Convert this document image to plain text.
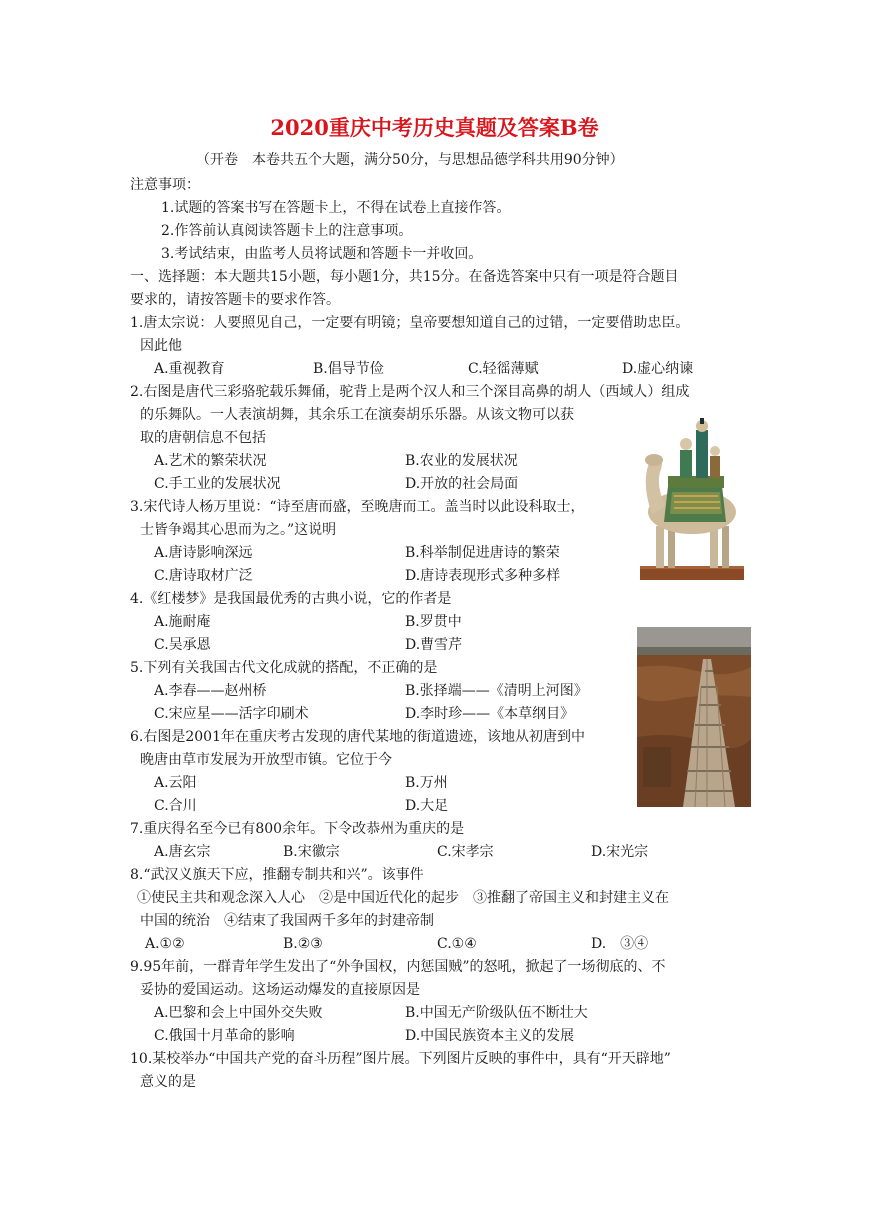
2020重庆中考历史真题及答案B卷
（开卷　本卷共五个大题，满分50分，与思想品德学科共用90分钟）
注意事项：
1.试题的答案书写在答题卡上，不得在试卷上直接作答。
2.作答前认真阅读答题卡上的注意事项。
3.考试结束，由监考人员将试题和答题卡一并收回。
一、选择题：本大题共15小题，每小题1分，共15分。在备选答案中只有一项是符合题目
要求的，请按答题卡的要求作答。
1.唐太宗说：人要照见自己，一定要有明镜；皇帝要想知道自己的过错，一定要借助忠臣。
因此他
A.重视教育	B.倡导节俭	C.轻徭薄赋	D.虚心纳谏
2.右图是唐代三彩骆驼载乐舞俑，驼背上是两个汉人和三个深目高鼻的胡人（西域人）组成
的乐舞队。一人表演胡舞，其余乐工在演奏胡乐乐器。从该文物可以获
取的唐朝信息不包括
A.艺术的繁荣状况	B.农业的发展状况
C.手工业的发展状况	D.开放的社会局面
3.宋代诗人杨万里说：“诗至唐而盛，至晚唐而工。盖当时以此设科取士，
士皆争竭其心思而为之。”这说明
A.唐诗影响深远	B.科举制促进唐诗的繁荣
C.唐诗取材广泛	D.唐诗表现形式多种多样
4.《红楼梦》是我国最优秀的古典小说，它的作者是
A.施耐庵	B.罗贯中
C.吴承恩	D.曹雪芹
5.下列有关我国古代文化成就的搭配，不正确的是
A.李春——赵州桥	B.张择端——《清明上河图》
C.宋应星——活字印刷术	D.李时珍——《本草纲目》
6.右图是2001年在重庆考古发现的唐代某地的街道遗迹，该地从初唐到中
晚唐由草市发展为开放型市镇。它位于今
A.云阳	B.万州
C.合川	D.大足
7.重庆得名至今已有800余年。下令改恭州为重庆的是
A.唐玄宗	B.宋徽宗	C.宋孝宗	D.宋光宗
8.“武汉义旗天下应，推翻专制共和兴”。该事件
①使民主共和观念深入人心　②是中国近代化的起步　③推翻了帝国主义和封建主义在
中国的统治　④结束了我国两千多年的封建帝制
A.①②	B.②③	C.①④	D.　③④
9.95年前，一群青年学生发出了“外争国权，内惩国贼”的怒吼，掀起了一场彻底的、不
妥协的爱国运动。这场运动爆发的直接原因是
A.巴黎和会上中国外交失败	B.中国无产阶级队伍不断壮大
C.俄国十月革命的影响	D.中国民族资本主义的发展
10.某校举办“中国共产党的奋斗历程”图片展。下列图片反映的事件中，具有“开天辟地”
意义的是
